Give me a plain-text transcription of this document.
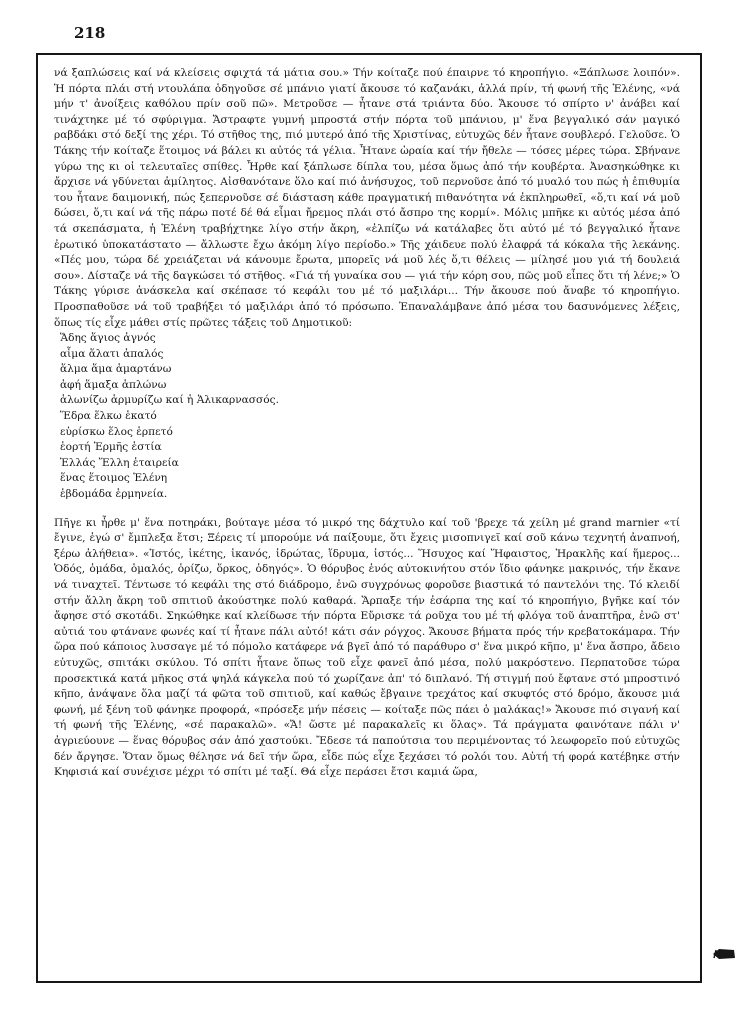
218

νά ξαπλώσεις καί νά κλείσεις σφιχτά τά μάτια σου.» Τήν κοίταζε πού έπαιρνε τό κηροπήγιο. «Ξάπλωσε λοιπόν». Ἡ πόρτα πλάι στή ντουλάπα ὁδηγοῦσε σέ μπάνιο γιατί ἄκουσε τό καζανάκι, ἀλλά πρίν, τή φωνή τῆς Ἑλένης, «νά μήν τ' ἀνοίξεις καθόλου πρίν σοῦ πῶ». Μετροῦσε — ἦτανε στά τριάντα δύο. Ἄκουσε τό σπίρτο ν' ἀνάβει καί τινάχτηκε μέ τό σφύριγμα. Ἄστραφτε γυμνή μπροστά στήν πόρτα τοῦ μπάνιου, μ' ἕνα βεγγαλικό σάν μαγικό ραβδάκι στό δεξί της χέρι. Τό στῆθος της, πιό μυτερό ἀπό τῆς Χριστίνας, εὐτυχῶς δέν ἦτανε σουβλερό. Γελοῦσε. Ὁ Τάκης τήν κοίταζε ἕτοιμος νά βάλει κι αὐτός τά γέλια. Ἦτανε ὡραία καί τήν ἤθελε — τόσες μέρες τώρα. Σβήνανε γύρω της κι οἱ τελευταῖες σπίθες. Ἦρθε καί ξάπλωσε δίπλα του, μέσα ὅμως ἀπό τήν κουβέρτα. Ἀνασηκώθηκε κι ἄρχισε νά γδύνεται ἀμίλητος. Αἰσθανότανε ὅλο καί πιό ἀνήσυχος, τοῦ περνοῦσε ἀπό τό μυαλό του πώς ἡ ἐπιθυμία του ἦτανε δαιμονική, πώς ξεπερνοῦσε σέ διάσταση κάθε πραγματική πιθανότητα νά ἐκπληρωθεῖ, «ὅ,τι καί νά μοῦ δώσει, ὅ,τι καί νά τῆς πάρω ποτέ δέ θά εἶμαι ἤρεμος πλάι στό ἄσπρο της κορμί». Μόλις μπῆκε κι αὐτός μέσα ἀπό τά σκεπάσματα, ἡ Ἑλένη τραβήχτηκε λίγο στήν ἄκρη, «ἐλπίζω νά κατάλαβες ὅτι αὐτό μέ τό βεγγαλικό ἦτανε ἐρωτικό ὑποκατάστατο — ἄλλωστε ἔχω ἀκόμη λίγο περίοδο.» Τῆς χάιδευε πολύ ἐλαφρά τά κόκαλα τῆς λεκάνης. «Πές μου, τώρα δέ χρειάζεται νά κάνουμε ἔρωτα, μπορεῖς νά μοῦ λές ὅ,τι θέλεις — μίλησέ μου γιά τή δουλειά σου». Δίσταζε νά τῆς δαγκώσει τό στῆθος. «Γιά τή γυναίκα σου — γιά τήν κόρη σου, πῶς μοῦ εἶπες ὅτι τή λένε;» Ὁ Τάκης γύρισε ἀνάσκελα καί σκέπασε τό κεφάλι του μέ τό μαξιλάρι... Τήν ἄκουσε πού ἄναβε τό κηροπήγιο. Προσπαθοῦσε νά τοῦ τραβήξει τό μαξιλάρι ἀπό τό πρόσωπο. Ἐπαναλάμβανε ἀπό μέσα του δασυνόμενες λέξεις, ὅπως τίς εἶχε μάθει στίς πρῶτες τάξεις τοῦ Δημοτικοῦ:

Ἅδης ἅγιος ἁγνός
αἷμα ἅλατι ἁπαλός
ἅλμα ἅμα ἁμαρτάνω
ἁφή ἅμαξα ἁπλώνω
ἁλωνίζω ἁρμυρίζω καί ἡ Ἁλικαρνασσός.
Ἕδρα ἕλκω ἑκατό
εὑρίσκω ἕλος ἑρπετό
ἑορτή Ἑρμῆς ἑστία
Ἑλλάς Ἕλλη ἑταιρεία
ἕνας ἕτοιμος Ἑλένη
ἑβδομάδα ἑρμηνεία.

Πῆγε κι ἦρθε μ' ἕνα ποτηράκι, βούταγε μέσα τό μικρό της δάχτυλο καί τοῦ 'βρεχε τά χείλη μέ grand marnier «τί ἔγινε, ἐγώ σ' ἔμπλεξα ἔτσι; Ξέρεις τί μπορούμε νά παίξουμε, ὅτι ἔχεις μισοπνιγεῖ καί σοῦ κάνω τεχνητή ἀναπνοή, ξέρω ἀλήθεια». «Ἱστός, ἱκέτης, ἱκανός, ἱδρώτας, ἵδρυμα, ἱστός... Ἥσυχος καί Ἥφαιστος, Ἡρακλῆς καί ἥμερος... Ὁδός, ὁμάδα, ὁμαλός, ὁρίζω, ὅρκος, ὁδηγός». Ὁ θόρυβος ἑνός αὐτοκινήτου στόν ἴδιο φάνηκε μακρινός, τήν ἔκανε νά τιναχτεῖ. Τέντωσε τό κεφάλι της στό διάδρομο, ἐνῶ συγχρόνως φοροῦσε βιαστικά τό παντελόνι της. Τό κλειδί στήν ἄλλη ἄκρη τοῦ σπιτιοῦ ἀκούστηκε πολύ καθαρά. Ἅρπαξε τήν ἐσάρπα της καί τό κηροπήγιο, βγῆκε καί τόν ἄφησε στό σκοτάδι. Σηκώθηκε καί κλείδωσε τήν πόρτα Εὔρισκε τά ροῦχα του μέ τή φλόγα τοῦ ἀναπτῆρα, ἐνῶ στ' αὐτιά του φτάνανε φωνές καί τί ἦτανε πάλι αὐτό! κάτι σάν ρόγχος. Ἄκουσε βήματα πρός τήν κρεβατοκάμαρα. Τήν ὥρα πού κάποιος λυσσαγε μέ τό πόμολο κατάφερε νά βγεῖ ἀπό τό παράθυρο σ' ἕνα μικρό κῆπο, μ' ἕνα ἄσπρο, ἄδειο εὐτυχῶς, σπιτάκι σκύλου. Τό σπίτι ἦτανε ὅπως τοῦ εἶχε φανεῖ ἀπό μέσα, πολύ μακρόστενο. Περπατοῦσε τώρα προσεκτικά κατά μῆκος στά ψηλά κάγκελα πού τό χωρίζανε ἀπ' τό διπλανό. Τή στιγμή πού ἔφτανε στό μπροστινό κῆπο, ἀνάψανε ὅλα μαζί τά φῶτα τοῦ σπιτιοῦ, καί καθώς ἔβγαινε τρεχάτος καί σκυφτός στό δρόμο, ἄκουσε μιά φωνή, μέ ξένη τοῦ φάνηκε προφορά, «πρόσεξε μήν πέσεις — κοίταξε πῶς πάει ὁ μαλάκας!» Ἄκουσε πιό σιγανή καί τή φωνή τῆς Ἑλένης, «σέ παρακαλῶ». «Ἄ! ὥστε μέ παρακαλεῖς κι ὅλας». Τά πράγματα φαινότανε πάλι ν' ἀγριεύουνε — ἕνας θόρυβος σάν ἀπό χαστούκι. Ἔδεσε τά παπούτσια του περιμένοντας τό λεωφορεῖο πού εὐτυχῶς δέν ἄργησε. Ὅταν ὅμως θέλησε νά δεῖ τήν ὥρα, εἶδε πώς εἶχε ξεχάσει τό ρολόι του. Αὐτή τή φορά κατέβηκε στήν Κηφισιά καί συνέχισε μέχρι τό σπίτι μέ ταξί. Θά εἶχε περάσει ἔτσι καμιά ὥρα,
